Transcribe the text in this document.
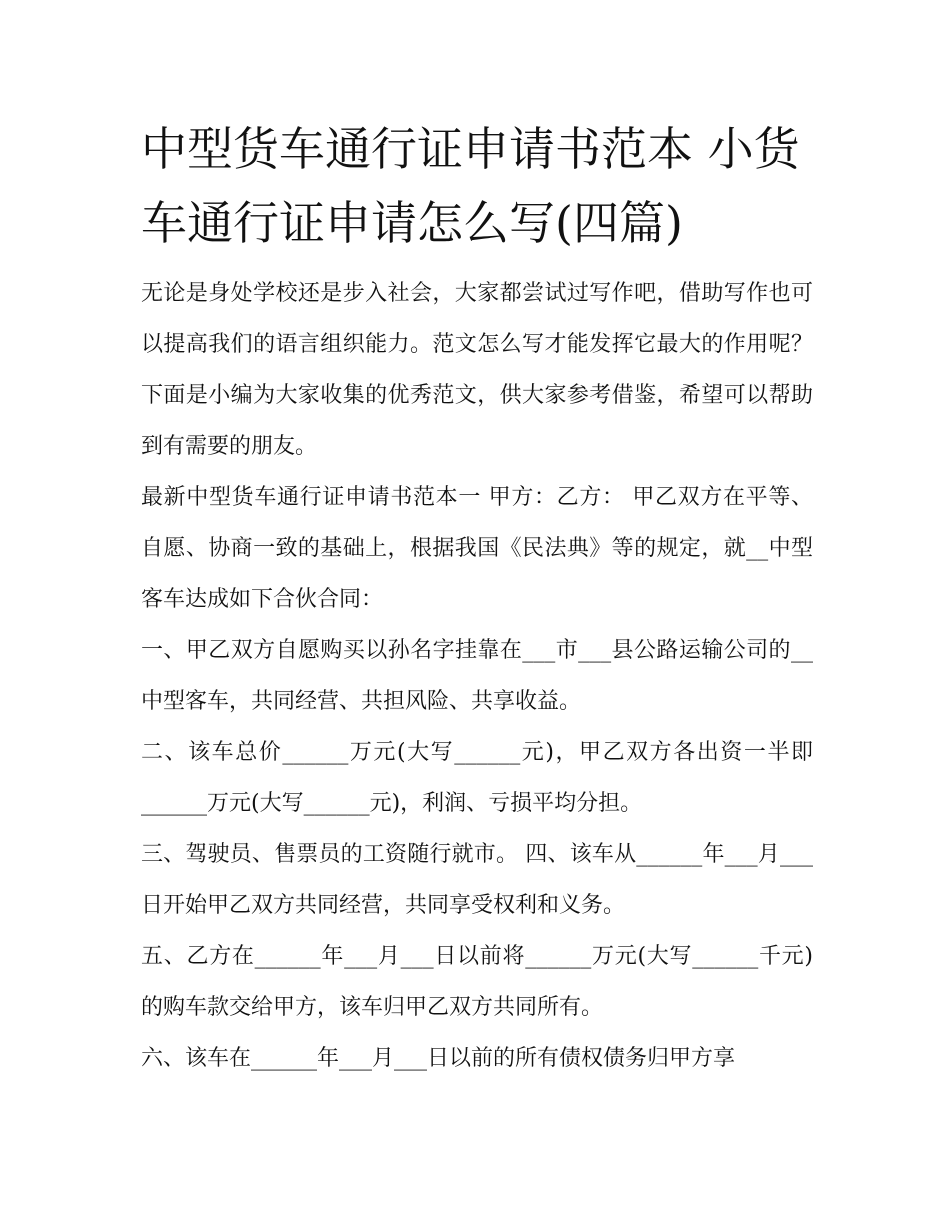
中型货车通行证申请书范本 小货车通行证申请怎么写(四篇)

无论是身处学校还是步入社会，大家都尝试过写作吧，借助写作也可以提高我们的语言组织能力。范文怎么写才能发挥它最大的作用呢？下面是小编为大家收集的优秀范文，供大家参考借鉴，希望可以帮助到有需要的朋友。

最新中型货车通行证申请书范本一 甲方：乙方： 甲乙双方在平等、自愿、协商一致的基础上，根据我国《民法典》等的规定，就__中型客车达成如下合伙合同：

一、甲乙双方自愿购买以孙名字挂靠在___市___县公路运输公司的__中型客车，共同经营、共担风险、共享收益。

二、该车总价______万元(大写______元)，甲乙双方各出资一半即______万元(大写______元)，利润、亏损平均分担。

三、驾驶员、售票员的工资随行就市。 四、该车从______年___月___日开始甲乙双方共同经营，共同享受权利和义务。

五、乙方在______年___月___日以前将______万元(大写______千元)的购车款交给甲方，该车归甲乙双方共同所有。

六、该车在______年___月___日以前的所有债权债务归甲方享
